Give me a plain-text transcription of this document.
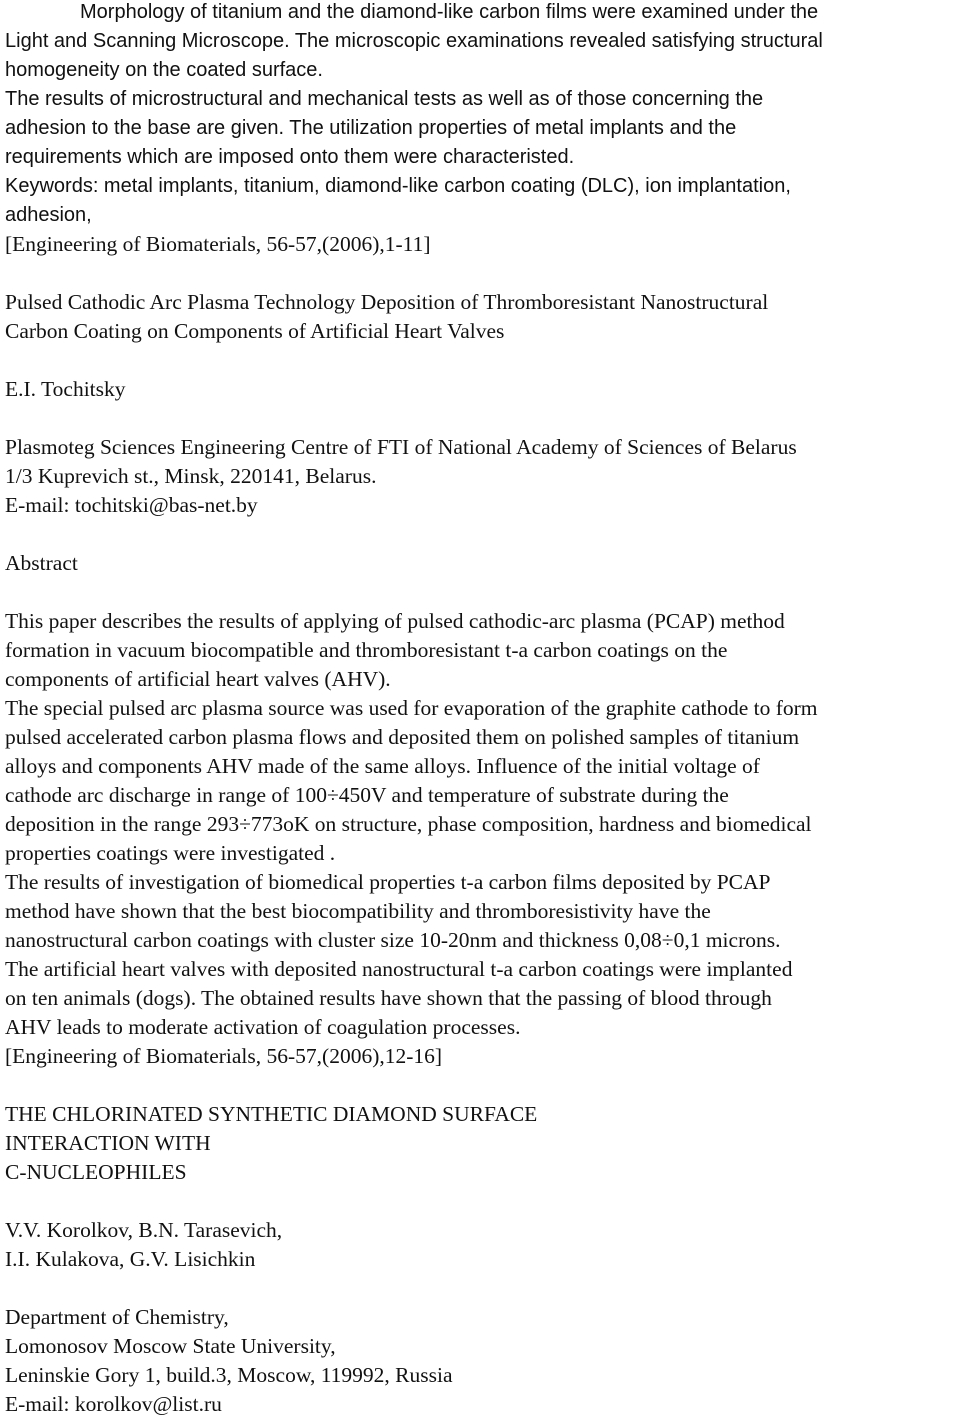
Morphology of titanium and the diamond-like carbon films were examined under the
Light and Scanning Microscope. The microscopic examinations revealed satisfying structural
homogeneity on the coated surface.
The results of microstructural and mechanical tests as well as of those concerning the
adhesion to the base are given. The utilization properties of metal implants and the
requirements which are imposed onto them were characteristed.
Keywords: metal implants, titanium, diamond-like carbon coating (DLC), ion implantation,
adhesion,
[Engineering of Biomaterials, 56-57,(2006),1-11]
Pulsed Cathodic Arc Plasma Technology Deposition of Thromboresistant Nanostructural
Carbon Coating on Components of Artificial Heart Valves
E.I. Tochitsky
Plasmoteg Sciences Engineering Centre of FTI of National Academy of Sciences of Belarus
1/3 Kuprevich st., Minsk, 220141, Belarus.
E-mail: tochitski@bas-net.by
Abstract
This paper describes the results of applying of pulsed cathodic-arc plasma (PCAP) method
formation in vacuum biocompatible and thromboresistant t-a carbon coatings on the
components of artificial heart valves (AHV).
The special pulsed arc plasma source was used for evaporation of the graphite cathode to form
pulsed accelerated carbon plasma flows and deposited them on polished samples of titanium
alloys and components AHV made of the same alloys. Influence of the initial voltage of
cathode arc discharge in range of 100÷450V and temperature of substrate during the
deposition in the range 293÷773oK on structure, phase composition, hardness and biomedical
properties coatings were investigated .
The results of investigation of biomedical properties t-a carbon films deposited by PCAP
method have shown that the best biocompatibility and thromboresistivity have the
nanostructural carbon coatings with cluster size 10-20nm and thickness 0,08÷0,1 microns.
The artificial heart valves with deposited nanostructural t-a carbon coatings were implanted
on ten animals (dogs). The obtained results have shown that the passing of blood through
AHV leads to moderate activation of coagulation processes.
[Engineering of Biomaterials, 56-57,(2006),12-16]
THE CHLORINATED SYNTHETIC DIAMOND SURFACE
INTERACTION WITH
C-NUCLEOPHILES
V.V. Korolkov, B.N. Tarasevich,
I.I. Kulakova, G.V. Lisichkin
Department of Chemistry,
Lomonosov Moscow State University,
Leninskie Gory 1, build.3, Moscow, 119992, Russia
E-mail: korolkov@list.ru
